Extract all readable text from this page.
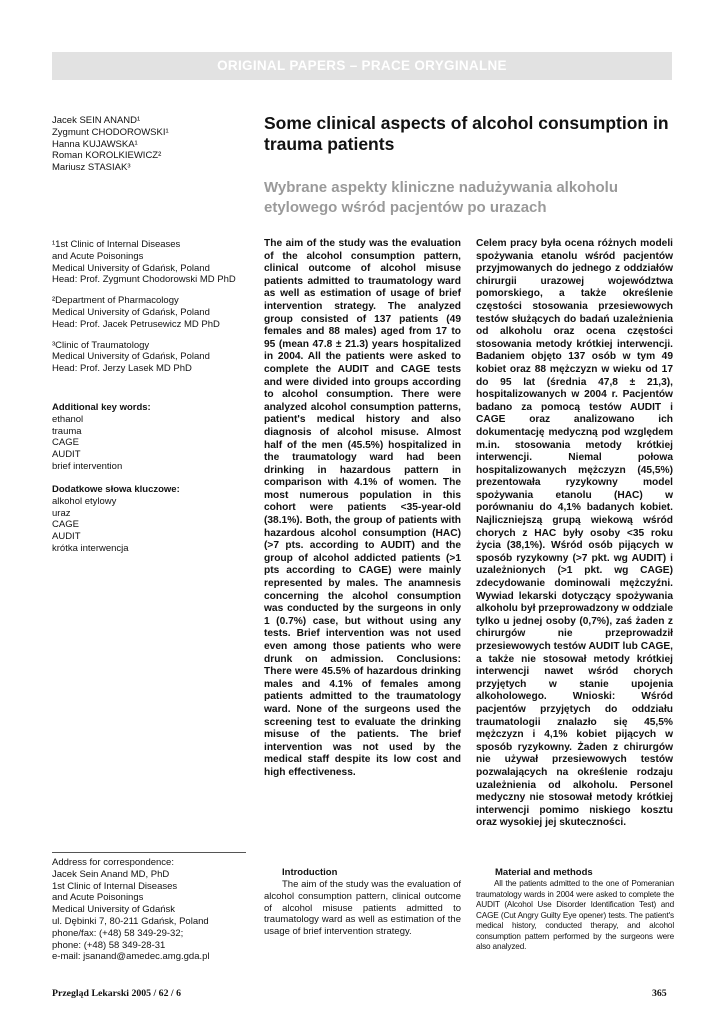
ORIGINAL PAPERS – PRACE ORYGINALNE
Jacek SEIN ANAND¹
Zygmunt CHODOROWSKI¹
Hanna KUJAWSKA¹
Roman KOROLKIEWICZ²
Mariusz STASIAK³

¹1st Clinic of Internal Diseases
and Acute Poisonings
Medical University of Gdańsk, Poland
Head: Prof. Zygmunt Chodorowski MD PhD

²Department of Pharmacology
Medical University of Gdańsk, Poland
Head: Prof. Jacek Petrusewicz MD PhD

³Clinic of Traumatology
Medical University of Gdańsk, Poland
Head: Prof. Jerzy Lasek MD PhD

Additional key words:
ethanol
trauma
CAGE
AUDIT
brief intervention
Dodatkowe słowa kluczowe:
alkohol etylowy
uraz
CAGE
AUDIT
krótka interwencja
Address for correspondence:
Jacek Sein Anand MD, PhD
1st Clinic of Internal Diseases
and Acute Poisonings
Medical University of Gdańsk
ul. Dębinki 7, 80-211 Gdańsk, Poland
phone/fax: (+48) 58 349-29-32;
phone: (+48) 58 349-28-31
e-mail: jsanand@amedec.amg.gda.pl
Some clinical aspects of alcohol consumption in trauma patients
Wybrane aspekty kliniczne nadużywania alkoholu etylowego wśród pacjentów po urazach
The aim of the study was the evaluation of the alcohol consumption pattern, clinical outcome of alcohol misuse patients admitted to traumatology ward as well as estimation of usage of brief intervention strategy. The analyzed group consisted of 137 patients (49 females and 88 males) aged from 17 to 95 (mean 47.8 ± 21.3) years hospitalized in 2004. All the patients were asked to complete the AUDIT and CAGE tests and were divided into groups according to alcohol consumption. There were analyzed alcohol consumption patterns, patient's medical history and also diagnosis of alcohol misuse. Almost half of the men (45.5%) hospitalized in the traumatology ward had been drinking in hazardous pattern in comparison with 4.1% of women. The most numerous population in this cohort were patients <35-year-old (38.1%). Both, the group of patients with hazardous alcohol consumption (HAC) (>7 pts. according to AUDIT) and the group of alcohol addicted patients (>1 pts according to CAGE) were mainly represented by males. The anamnesis concerning the alcohol consumption was conducted by the surgeons in only 1 (0.7%) case, but without using any tests. Brief intervention was not used even among those patients who were drunk on admission. Conclusions: There were 45.5% of hazardous drinking males and 4.1% of females among patients admitted to the traumatology ward. None of the surgeons used the screening test to evaluate the drinking misuse of the patients. The brief intervention was not used by the medical staff despite its low cost and high effectiveness.
Celem pracy była ocena różnych modeli spożywania etanolu wśród pacjentów przyjmowanych do jednego z oddziałów chirurgii urazowej województwa pomorskiego, a także określenie częstości stosowania przesiewowych testów służących do badań uzależnienia od alkoholu oraz ocena częstości stosowania metody krótkiej interwencji. Badaniem objęto 137 osób w tym 49 kobiet oraz 88 mężczyzn w wieku od 17 do 95 lat (średnia 47,8 ± 21,3), hospitalizowanych w 2004 r. Pacjentów badano za pomocą testów AUDIT i CAGE oraz analizowano ich dokumentację medyczną pod względem m.in. stosowania metody krótkiej interwencji. Niemal połowa hospitalizowanych mężczyzn (45,5%) prezentowała ryzykowny model spożywania etanolu (HAC) w porównaniu do 4,1% badanych kobiet. Najliczniejszą grupą wiekową wśród chorych z HAC były osoby <35 roku życia (38,1%). Wśród osób pijących w sposób ryzykowny (>7 pkt. wg AUDIT) i uzależnionych (>1 pkt. wg CAGE) zdecydowanie dominowali mężczyźni. Wywiad lekarski dotyczący spożywania alkoholu był przeprowadzony w oddziale tylko u jednej osoby (0,7%), zaś żaden z chirurgów nie przeprowadził przesiewowych testów AUDIT lub CAGE, a także nie stosował metody krótkiej interwencji nawet wśród chorych przyjętych w stanie upojenia alkoholowego. Wnioski: Wśród pacjentów przyjętych do oddziału traumatologii znalazło się 45,5% mężczyzn i 4,1% kobiet pijących w sposób ryzykowny. Żaden z chirurgów nie używał przesiewowych testów pozwalających na określenie rodzaju uzależnienia od alkoholu. Personel medyczny nie stosował metody krótkiej interwencji pomimo niskiego kosztu oraz wysokiej jej skuteczności.
Introduction
The aim of the study was the evaluation of alcohol consumption pattern, clinical outcome of alcohol misuse patients admitted to traumatology ward as well as estimation of the usage of brief intervention strategy.
Material and methods
All the patients admitted to the one of Pomeranian traumatology wards in 2004 were asked to complete the AUDIT (Alcohol Use Disorder Identification Test) and CAGE (Cut Angry Guilty Eye opener) tests. The patient's medical history, conducted therapy, and alcohol consumption pattern performed by the surgeons were also analyzed.
Przegląd Lekarski 2005 / 62 / 6	365
